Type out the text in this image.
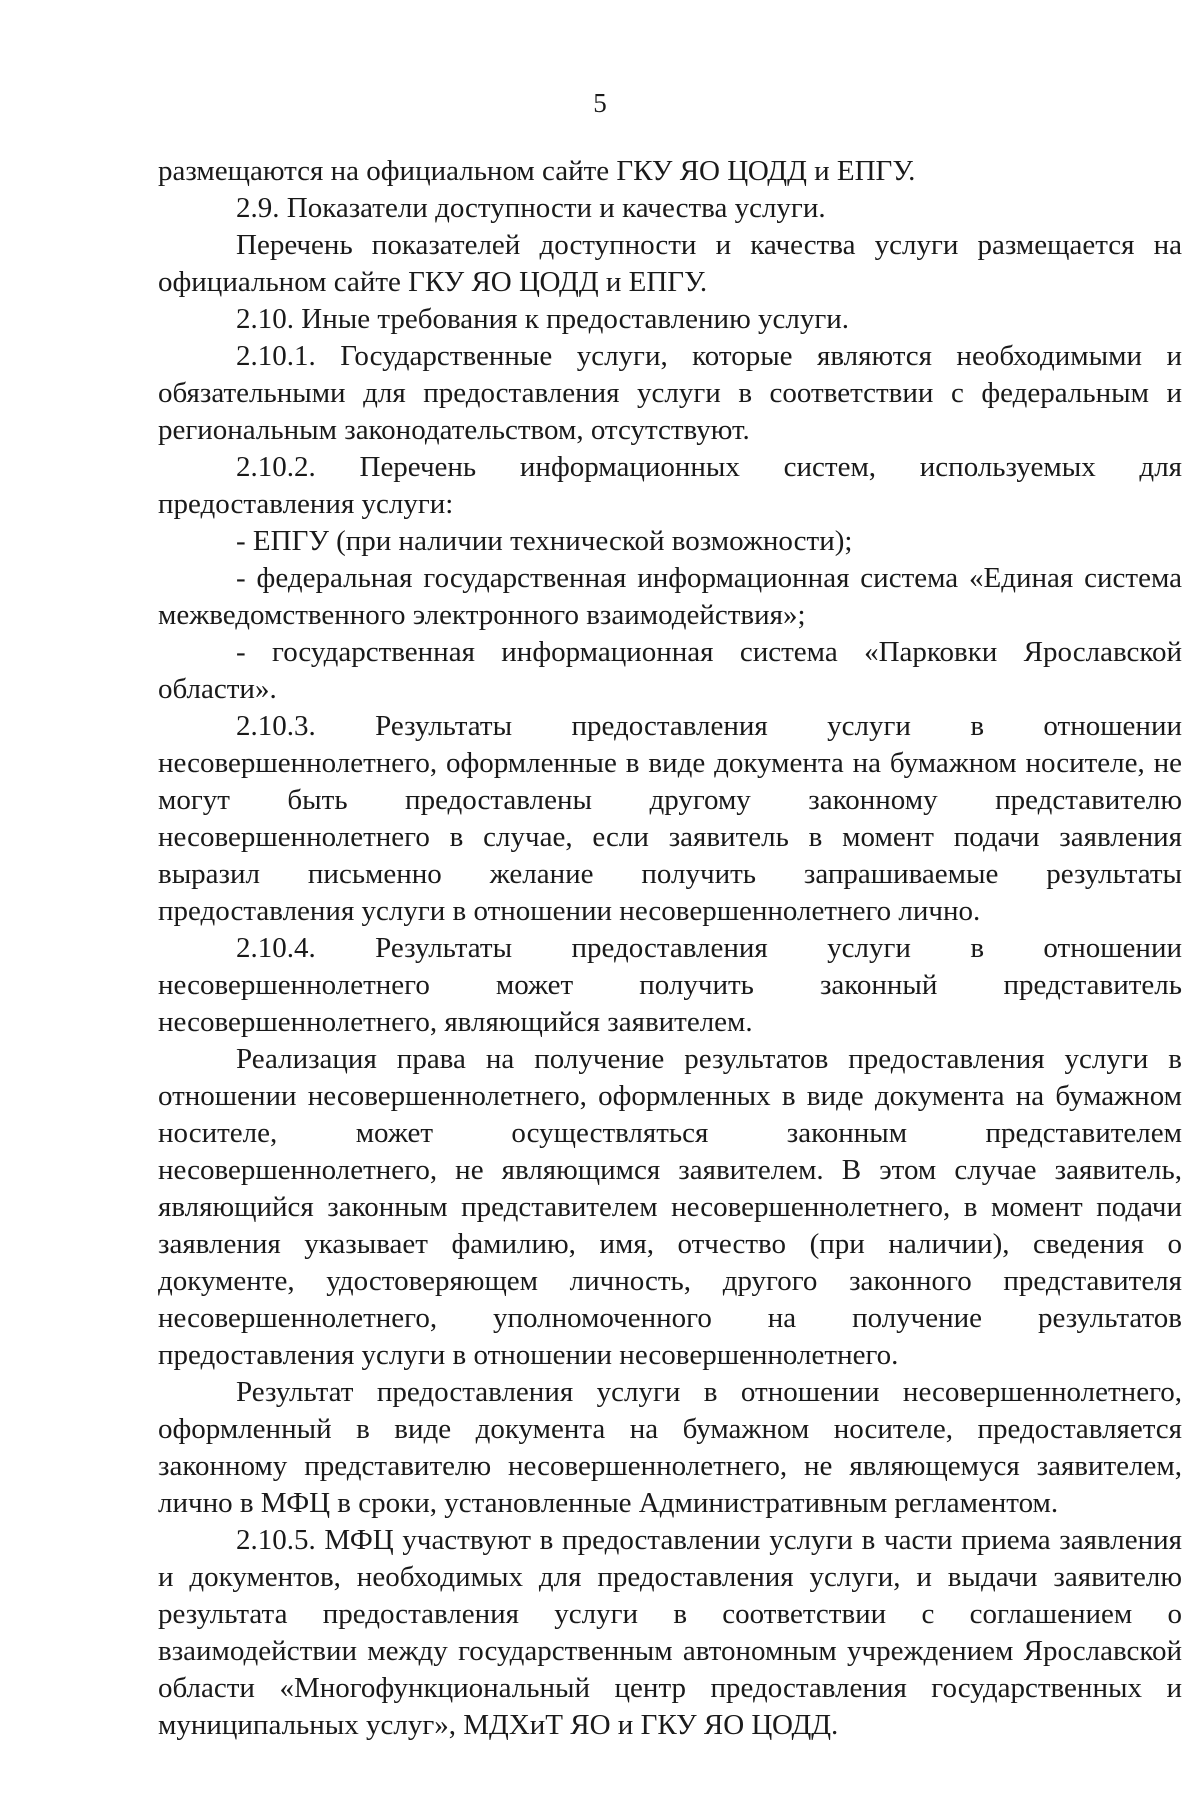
5

размещаются на официальном сайте ГКУ ЯО ЦОДД и ЕПГУ.

2.9. Показатели доступности и качества услуги.

Перечень показателей доступности и качества услуги размещается на официальном сайте ГКУ ЯО ЦОДД и ЕПГУ.

2.10. Иные требования к предоставлению услуги.

2.10.1. Государственные услуги, которые являются необходимыми и обязательными для предоставления услуги в соответствии с федеральным и региональным законодательством, отсутствуют.

2.10.2. Перечень информационных систем, используемых для предоставления услуги:

- ЕПГУ (при наличии технической возможности);

- федеральная государственная информационная система «Единая система межведомственного электронного взаимодействия»;

- государственная информационная система «Парковки Ярославской области».

2.10.3. Результаты предоставления услуги в отношении несовершеннолетнего, оформленные в виде документа на бумажном носителе, не могут быть предоставлены другому законному представителю несовершеннолетнего в случае, если заявитель в момент подачи заявления выразил письменно желание получить запрашиваемые результаты предоставления услуги в отношении несовершеннолетнего лично.

2.10.4. Результаты предоставления услуги в отношении несовершеннолетнего может получить законный представитель несовершеннолетнего, являющийся заявителем.

Реализация права на получение результатов предоставления услуги в отношении несовершеннолетнего, оформленных в виде документа на бумажном носителе, может осуществляться законным представителем несовершеннолетнего, не являющимся заявителем. В этом случае заявитель, являющийся законным представителем несовершеннолетнего, в момент подачи заявления указывает фамилию, имя, отчество (при наличии), сведения о документе, удостоверяющем личность, другого законного представителя несовершеннолетнего, уполномоченного на получение результатов предоставления услуги в отношении несовершеннолетнего.

Результат предоставления услуги в отношении несовершеннолетнего, оформленный в виде документа на бумажном носителе, предоставляется законному представителю несовершеннолетнего, не являющемуся заявителем, лично в МФЦ в сроки, установленные Административным регламентом.

2.10.5. МФЦ участвуют в предоставлении услуги в части приема заявления и документов, необходимых для предоставления услуги, и выдачи заявителю результата предоставления услуги в соответствии с соглашением о взаимодействии между государственным автономным учреждением Ярославской области «Многофункциональный центр предоставления государственных и муниципальных услуг», МДХиТ ЯО и ГКУ ЯО ЦОДД.
